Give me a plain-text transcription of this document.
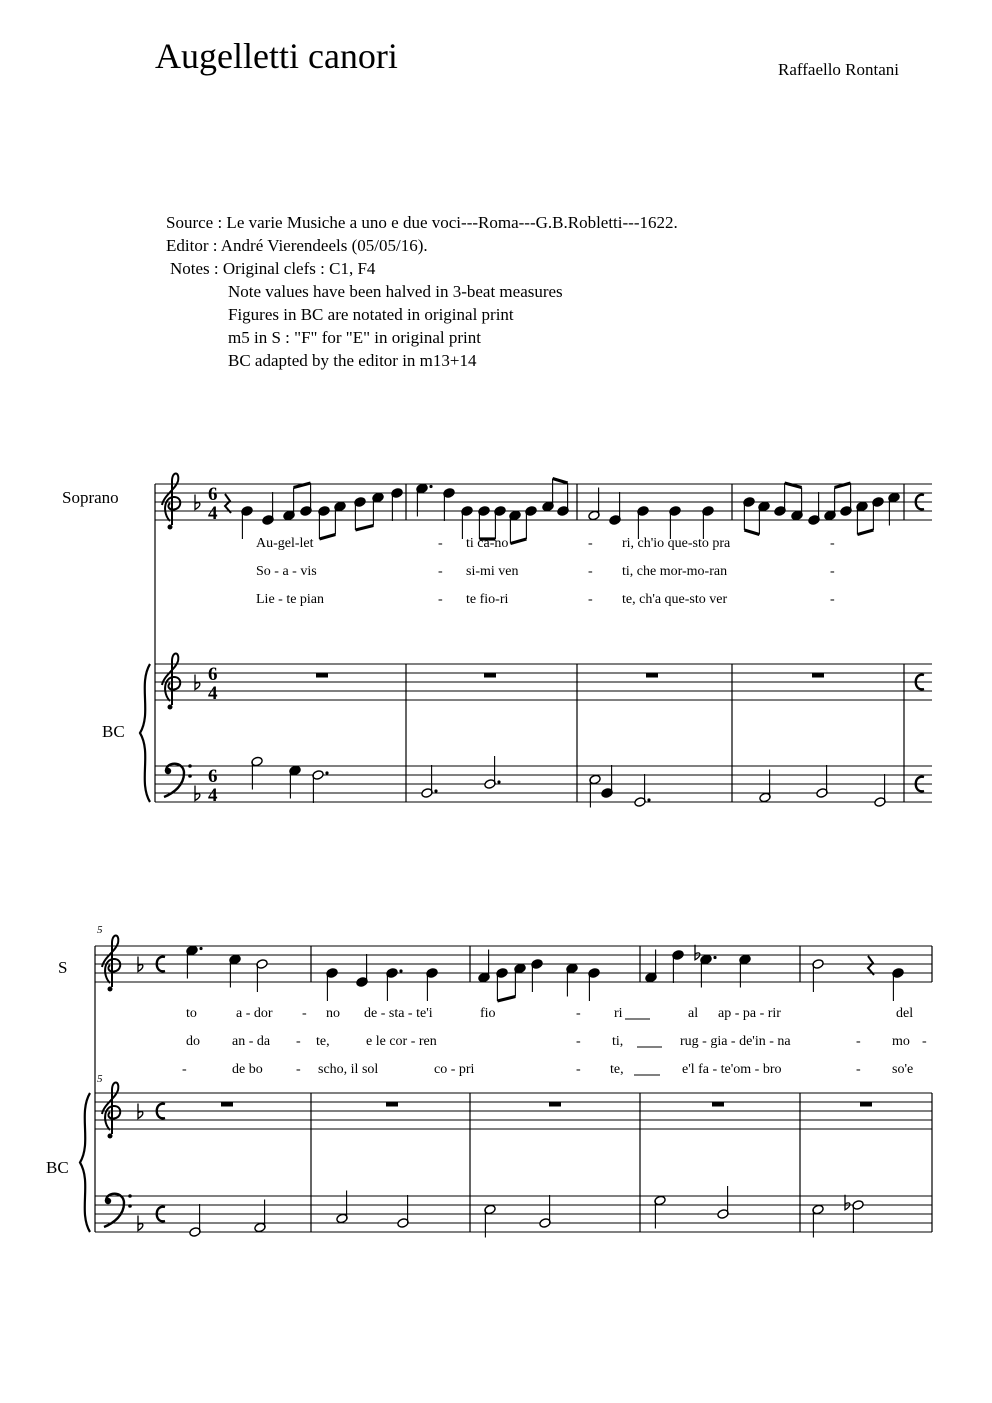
Augelletti canori	Raffaello Rontani
Source : Le varie Musiche a uno e due voci---Roma---G.B.Robletti---1622.
Editor : André Vierendeels (05/05/16).
Notes : Original clefs : C1, F4
Note values have been halved in 3-beat measures
Figures in BC are notated in original print
m5 in S : "F" for "E" in original print
BC adapted by the editor in m13+14
Soprano
BC
5
5
S
BC
Au-gel-let	- ti ca-no	- ri, ch'io que-sto pra	-
So - a - vis	- si-mi ven	- ti, che mor-mo-ran	-
Lie - te pian	- te fio-ri	- te, ch'a que-sto ver	-
to	a - dor - no de - sta - te'i	fio	- ri	al ap - pa - rir	del
do an - da - te,	e le cor - ren	- ti,	rug - gia - de'in - na	- mo -
-	de bo - scho, il sol	co - pri	- te,	e'l fa - te'om - bro	- so'e
6
4
6
4
6
4
